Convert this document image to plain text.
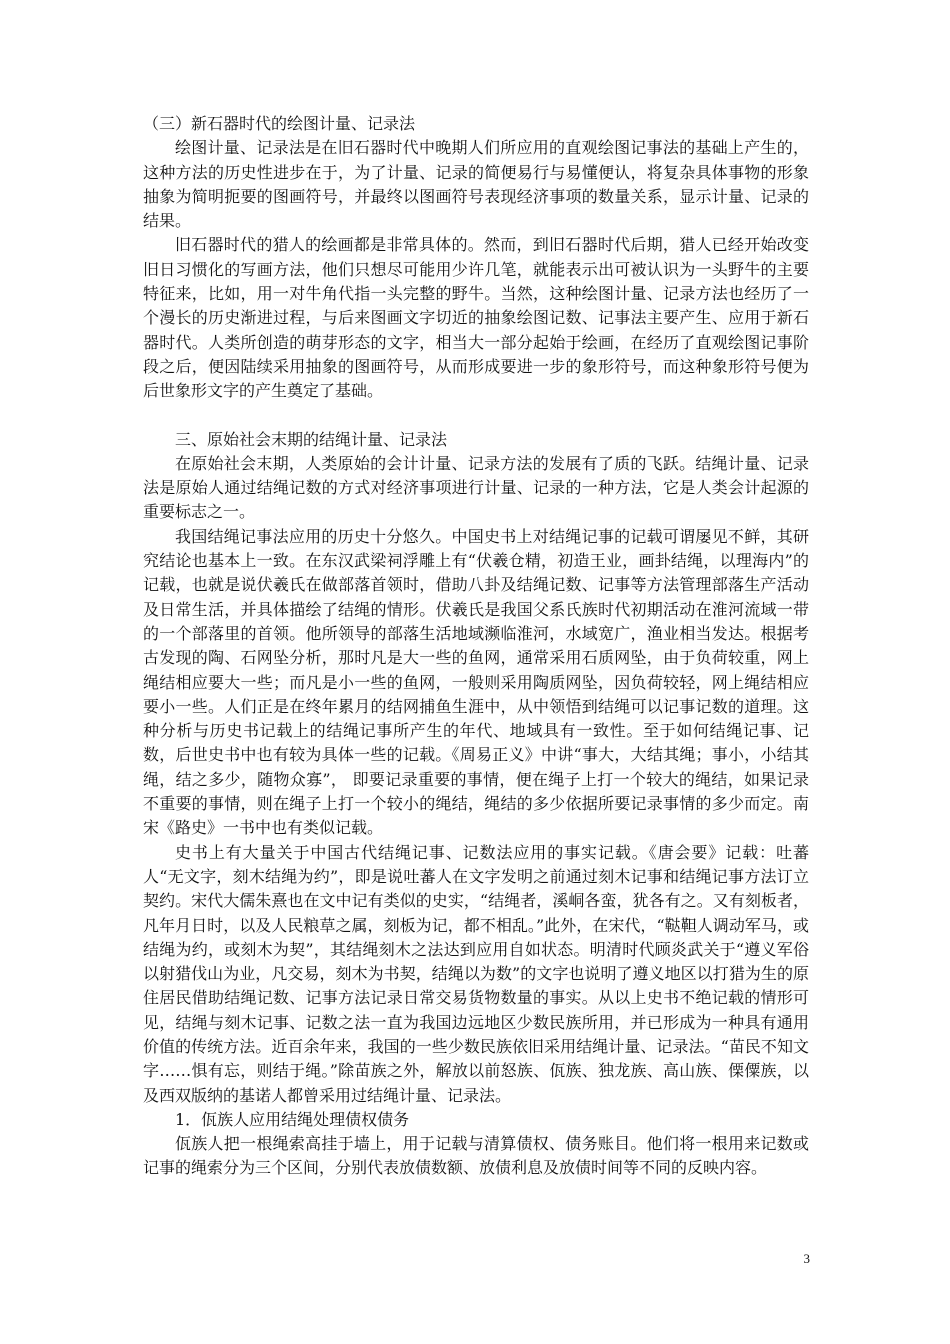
（三）新石器时代的绘图计量、记录法

绘图计量、记录法是在旧石器时代中晚期人们所应用的直观绘图记事法的基础上产生的，这种方法的历史性进步在于，为了计量、记录的简便易行与易懂便认，将复杂具体事物的形象抽象为简明扼要的图画符号，并最终以图画符号表现经济事项的数量关系，显示计量、记录的结果。

旧石器时代的猎人的绘画都是非常具体的。然而，到旧石器时代后期，猎人已经开始改变旧日习惯化的写画方法，他们只想尽可能用少许几笔，就能表示出可被认识为一头野牛的主要特征来，比如，用一对牛角代指一头完整的野牛。当然，这种绘图计量、记录方法也经历了一个漫长的历史渐进过程，与后来图画文字切近的抽象绘图记数、记事法主要产生、应用于新石器时代。人类所创造的萌芽形态的文字，相当大一部分起始于绘画，在经历了直观绘图记事阶段之后，便因陆续采用抽象的图画符号，从而形成要进一步的象形符号，而这种象形符号便为后世象形文字的产生奠定了基础。

三、原始社会末期的结绳计量、记录法

在原始社会末期，人类原始的会计计量、记录方法的发展有了质的飞跃。结绳计量、记录法是原始人通过结绳记数的方式对经济事项进行计量、记录的一种方法，它是人类会计起源的重要标志之一。

我国结绳记事法应用的历史十分悠久。中国史书上对结绳记事的记载可谓屡见不鲜，其研究结论也基本上一致。在东汉武梁祠浮雕上有“伏羲仓精，初造王业，画卦结绳，以理海内”的记载，也就是说伏羲氏在做部落首领时，借助八卦及结绳记数、记事等方法管理部落生产活动及日常生活，并具体描绘了结绳的情形。伏羲氏是我国父系氏族时代初期活动在淮河流域一带的一个部落里的首领。他所领导的部落生活地域濒临淮河，水域宽广，渔业相当发达。根据考古发现的陶、石网坠分析，那时凡是大一些的鱼网，通常采用石质网坠，由于负荷较重，网上绳结相应要大一些；而凡是小一些的鱼网，一般则采用陶质网坠，因负荷较轻，网上绳结相应要小一些。人们正是在终年累月的结网捕鱼生涯中，从中领悟到结绳可以记事记数的道理。这种分析与历史书记载上的结绳记事所产生的年代、地域具有一致性。至于如何结绳记事、记数，后世史书中也有较为具体一些的记载。《周易正义》中讲“事大，大结其绳；事小，小结其绳，结之多少，随物众寡”， 即要记录重要的事情，便在绳子上打一个较大的绳结，如果记录不重要的事情，则在绳子上打一个较小的绳结，绳结的多少依据所要记录事情的多少而定。南宋《路史》一书中也有类似记载。

史书上有大量关于中国古代结绳记事、记数法应用的事实记载。《唐会要》记载：吐蕃人“无文字，刻木结绳为约”，即是说吐蕃人在文字发明之前通过刻木记事和结绳记事方法订立契约。宋代大儒朱熹也在文中记有类似的史实，“结绳者，溪峒各蛮，犹各有之。又有刻板者，凡年月日时，以及人民粮草之属，刻板为记，都不相乱。”此外，在宋代，“鞑靼人调动军马，或结绳为约，或刻木为契”，其结绳刻木之法达到应用自如状态。明清时代顾炎武关于“遵义军俗以射猎伐山为业，凡交易，刻木为书契，结绳以为数”的文字也说明了遵义地区以打猎为生的原住居民借助结绳记数、记事方法记录日常交易货物数量的事实。从以上史书不绝记载的情形可见，结绳与刻木记事、记数之法一直为我国边远地区少数民族所用，并已形成为一种具有通用价值的传统方法。近百余年来，我国的一些少数民族依旧采用结绳计量、记录法。“苗民不知文字……惧有忘，则结于绳。”除苗族之外，解放以前怒族、佤族、独龙族、高山族、傈僳族，以及西双版纳的基诺人都曾采用过结绳计量、记录法。

1．佤族人应用结绳处理债权债务

佤族人把一根绳索高挂于墙上，用于记载与清算债权、债务账目。他们将一根用来记数或记事的绳索分为三个区间，分别代表放债数额、放债利息及放债时间等不同的反映内容。

3
